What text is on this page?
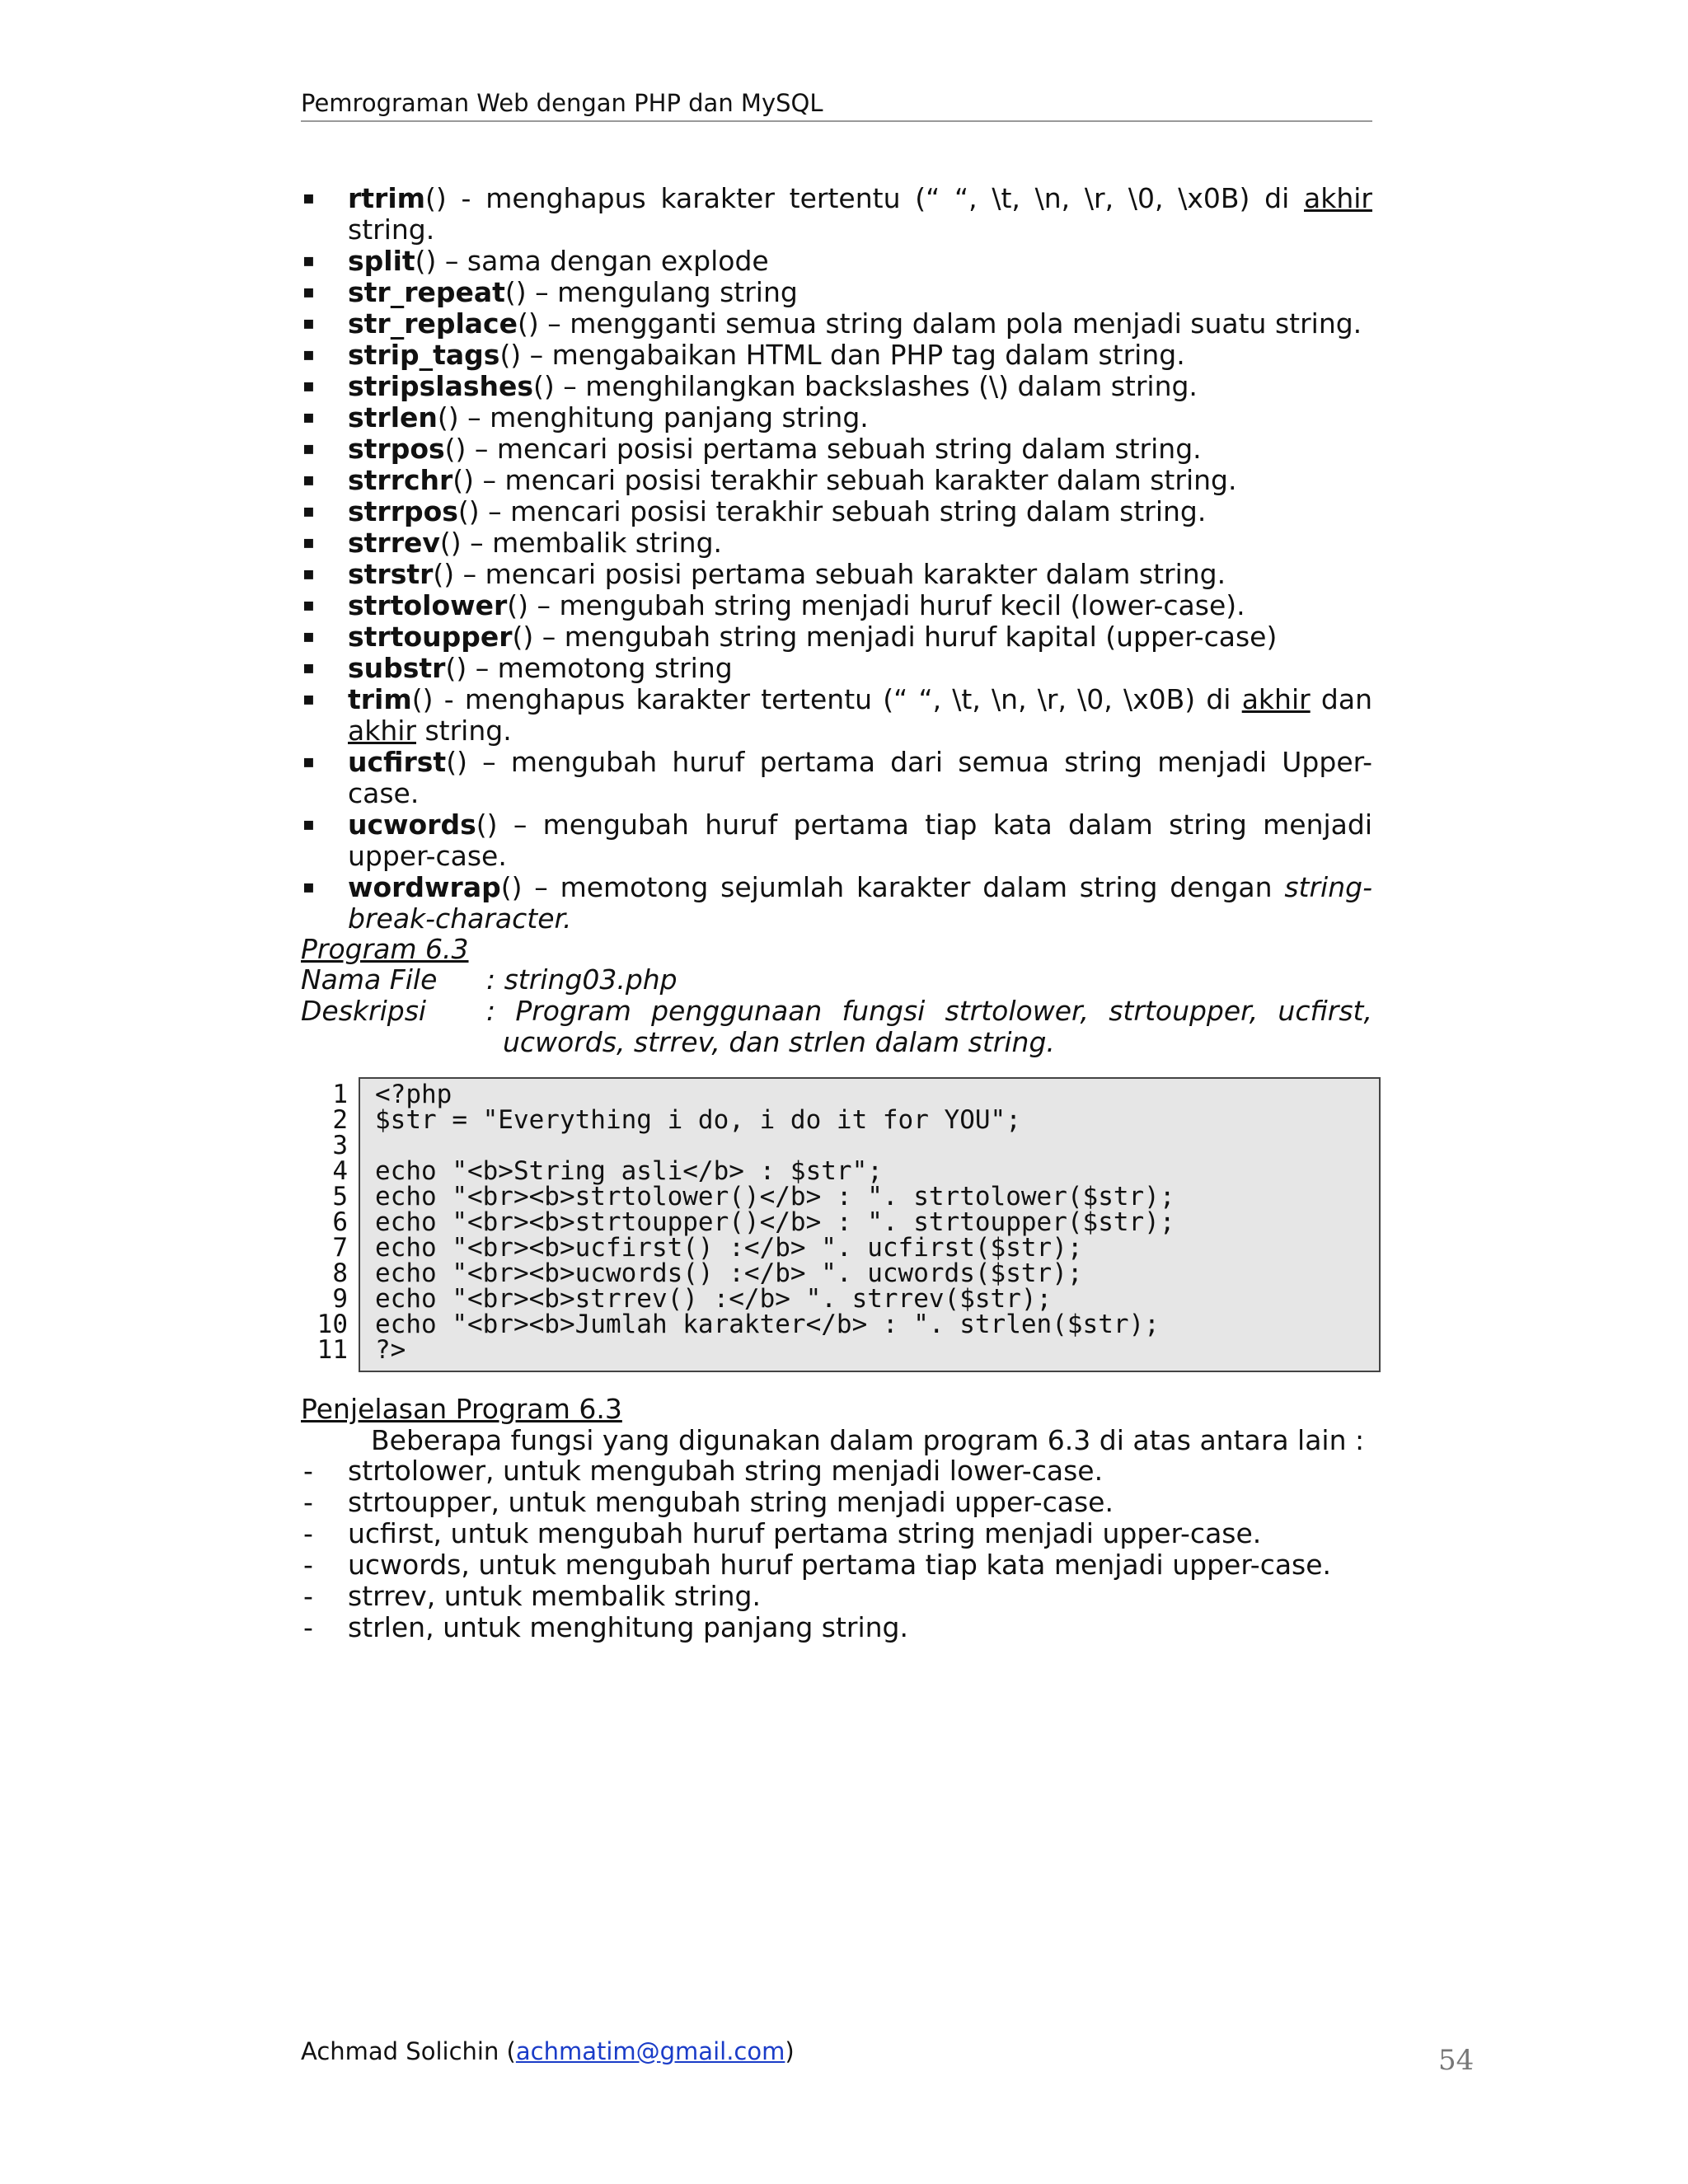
Pemrograman Web dengan PHP dan MySQL
▪ rtrim() - menghapus karakter tertentu (“ “, \t, \n, \r, \0, \x0B) di akhir string.
▪ split() – sama dengan explode
▪ str_repeat() – mengulang string
▪ str_replace() – mengganti semua string dalam pola menjadi suatu string.
▪ strip_tags() – mengabaikan HTML dan PHP tag dalam string.
▪ stripslashes() – menghilangkan backslashes (\) dalam string.
▪ strlen() – menghitung panjang string.
▪ strpos() – mencari posisi pertama sebuah string dalam string.
▪ strrchr() – mencari posisi terakhir sebuah karakter dalam string.
▪ strrpos() – mencari posisi terakhir sebuah string dalam string.
▪ strrev() – membalik string.
▪ strstr() – mencari posisi pertama sebuah karakter dalam string.
▪ strtolower() – mengubah string menjadi huruf kecil (lower-case).
▪ strtoupper() – mengubah string menjadi huruf kapital (upper-case)
▪ substr() – memotong string
▪ trim() - menghapus karakter tertentu (“ “, \t, \n, \r, \0, \x0B) di akhir dan akhir string.
▪ ucfirst() – mengubah huruf pertama dari semua string menjadi Upper-case.
▪ ucwords() – mengubah huruf pertama tiap kata dalam string menjadi upper-case.
▪ wordwrap() – memotong sejumlah karakter dalam string dengan string-break-character.
Program 6.3
Nama File : string03.php
Deskripsi : Program penggunaan fungsi strtolower, strtoupper, ucfirst, ucwords, strrev, dan strlen dalam string.
1
2
3
4
5
6
7
8
9
10
11
<?php
$str = "Everything i do, i do it for YOU";

echo "<b>String asli</b> : $str";
echo "<br><b>strtolower()</b> : ". strtolower($str);
echo "<br><b>strtoupper()</b> : ". strtoupper($str);
echo "<br><b>ucfirst() :</b> ". ucfirst($str);
echo "<br><b>ucwords() :</b> ". ucwords($str);
echo "<br><b>strrev() :</b> ". strrev($str);
echo "<br><b>Jumlah karakter</b> : ". strlen($str);
?>
Penjelasan Program 6.3
Beberapa fungsi yang digunakan dalam program 6.3 di atas antara lain :
- strtolower, untuk mengubah string menjadi lower-case.
- strtoupper, untuk mengubah string menjadi upper-case.
- ucfirst, untuk mengubah huruf pertama string menjadi upper-case.
- ucwords, untuk mengubah huruf pertama tiap kata menjadi upper-case.
- strrev, untuk membalik string.
- strlen, untuk menghitung panjang string.
Achmad Solichin (achmatim@gmail.com)	54
